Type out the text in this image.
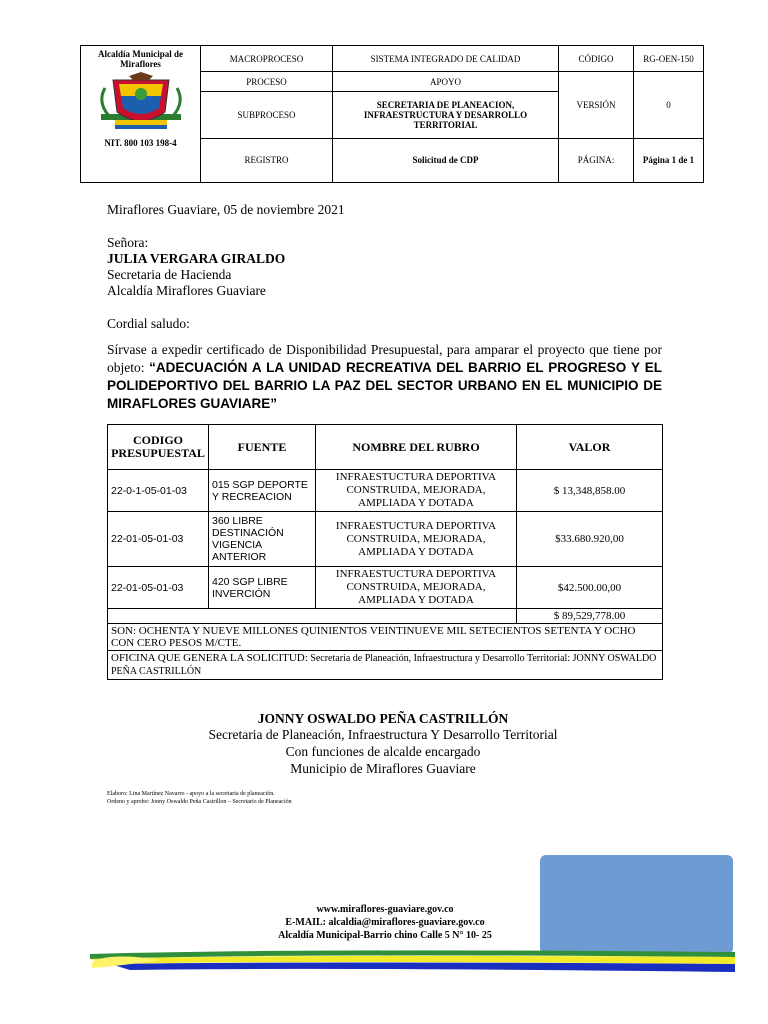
Alcaldía Municipal de Miraflores
NIT. 800 103 198-4	MACROPROCESO	SISTEMA INTEGRADO DE CALIDAD	CÓDIGO	RG-OEN-150
	PROCESO	APOYO	VERSIÓN	0
	SUBPROCESO	SECRETARIA DE PLANEACION, INFRAESTRUCTURA Y DESARROLLO TERRITORIAL		
	REGISTRO	Solicitud de CDP	PÁGINA:	Página 1 de 1
Miraflores Guaviare, 05 de noviembre 2021
Señora:
JULIA VERGARA GIRALDO
Secretaria de Hacienda
Alcaldía Miraflores Guaviare
Cordial saludo:
Sírvase a expedir certificado de Disponibilidad Presupuestal, para amparar el proyecto que tiene por objeto: “ADECUACIÓN A LA UNIDAD RECREATIVA DEL BARRIO EL PROGRESO Y EL POLIDEPORTIVO DEL BARRIO LA PAZ DEL SECTOR URBANO EN EL MUNICIPIO DE MIRAFLORES GUAVIARE”
CODIGO PRESUPUESTAL	FUENTE	NOMBRE DEL RUBRO	VALOR
22-0-1-05-01-03	015 SGP DEPORTE Y RECREACION	INFRAESTUCTURA DEPORTIVA CONSTRUIDA, MEJORADA, AMPLIADA Y DOTADA	$ 13,348,858.00
22-01-05-01-03	360 LIBRE DESTINACIÓN VIGENCIA ANTERIOR	INFRAESTUCTURA DEPORTIVA CONSTRUIDA, MEJORADA, AMPLIADA Y DOTADA	$33.680.920,00
22-01-05-01-03	420 SGP LIBRE INVERCIÓN	INFRAESTUCTURA DEPORTIVA CONSTRUIDA, MEJORADA, AMPLIADA Y DOTADA	$42.500.00,00
			$ 89,529,778.00
SON: OCHENTA Y NUEVE MILLONES QUINIENTOS VEINTINUEVE MIL SETECIENTOS SETENTA Y OCHO CON CERO PESOS M/CTE.			
OFICINA QUE GENERA LA SOLICITUD: Secretaria de Planeación, Infraestructura y Desarrollo Territorial: JONNY OSWALDO PEÑA CASTRILLÓN			
JONNY OSWALDO PEÑA CASTRILLÓN
Secretaria de Planeación, Infraestructura Y Desarrollo Territorial
Con funciones de alcalde encargado
Municipio de Miraflores Guaviare
Elaboro: Lina Martínez Navarro - apoyo a la secretaria de planeación.
Ordeno y aprobo: Jonny Oswaldo Peña Castrillon – Secretario de Planeación
www.miraflores-guaviare.gov.co
E-MAIL: alcaldia@miraflores-guaviare.gov.co
Alcaldía Municipal-Barrio chino Calle 5 N° 10- 25
